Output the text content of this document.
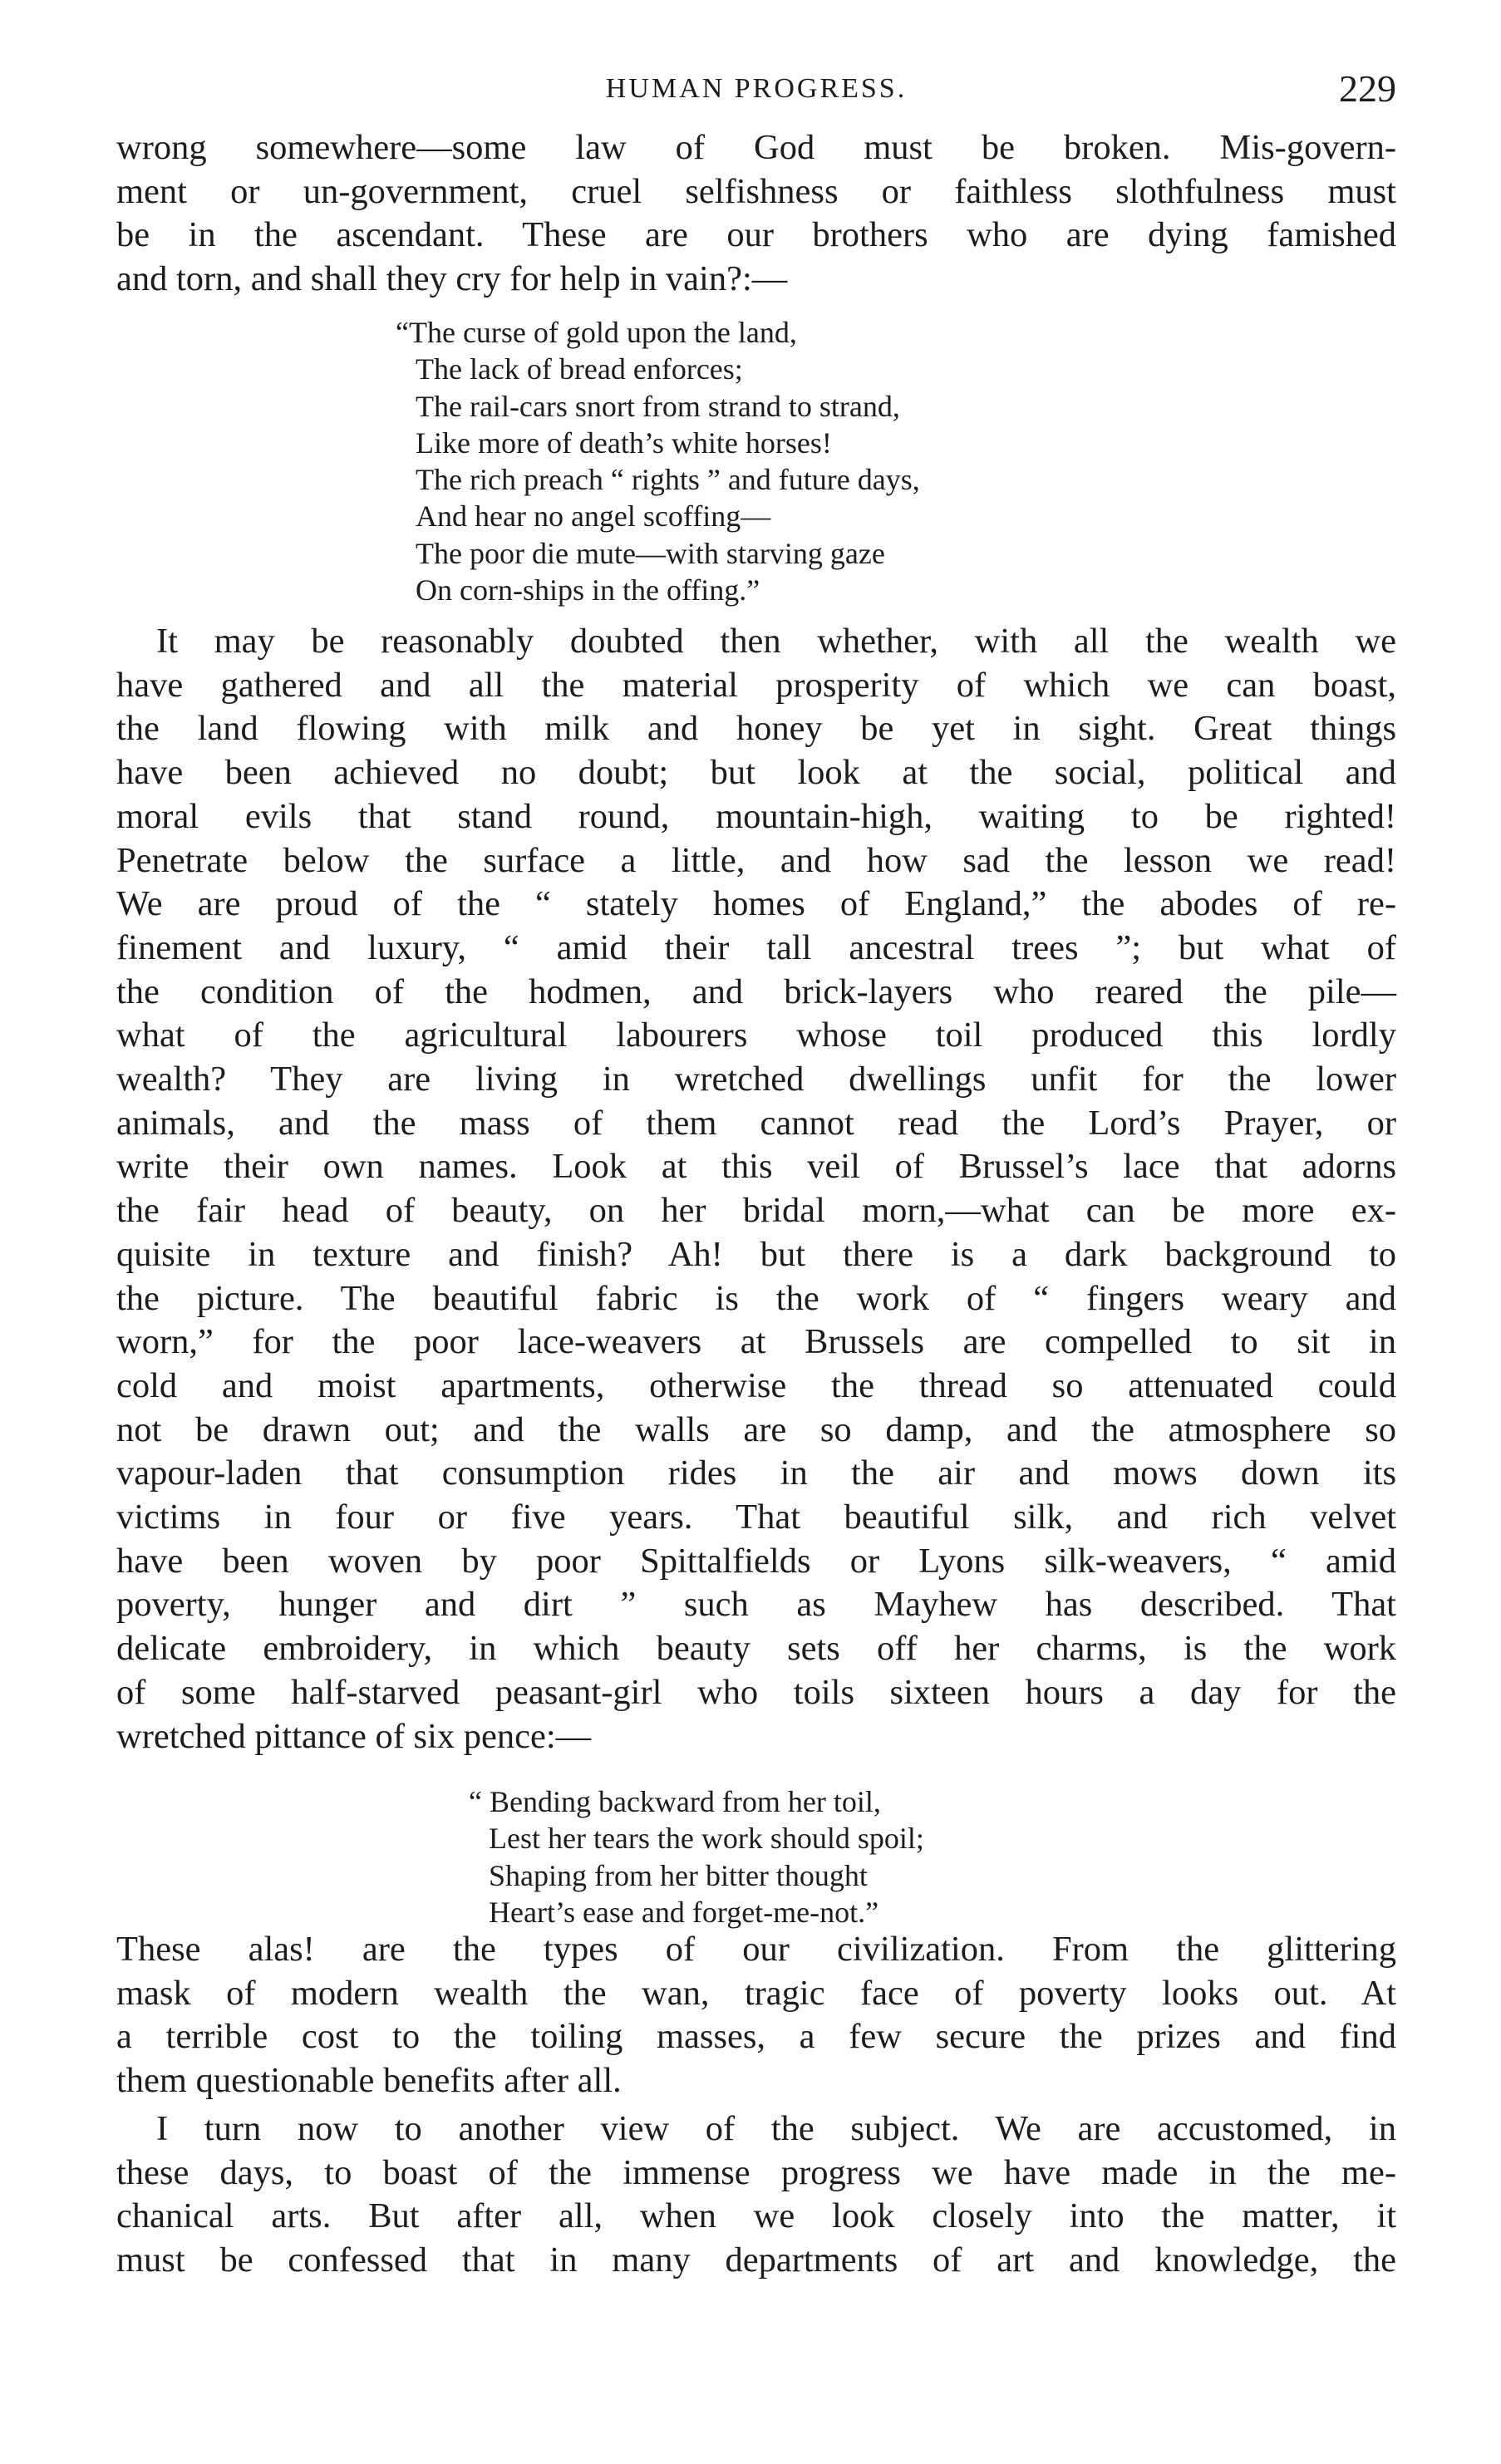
HUMAN PROGRESS.	229
wrong somewhere—some law of God must be broken. Mis-govern-
ment or un-government, cruel selfishness or faithless slothfulness must
be in the ascendant. These are our brothers who are dying famished
and torn, and shall they cry for help in vain?:—
“The curse of gold upon the land,
The lack of bread enforces;
The rail-cars snort from strand to strand,
Like more of death’s white horses!
The rich preach “ rights ” and future days,
And hear no angel scoffing—
The poor die mute—with starving gaze
On corn-ships in the offing.”
It may be reasonably doubted then whether, with all the wealth we
have gathered and all the material prosperity of which we can boast,
the land flowing with milk and honey be yet in sight. Great things
have been achieved no doubt; but look at the social, political and
moral evils that stand round, mountain-high, waiting to be righted!
Penetrate below the surface a little, and how sad the lesson we read!
We are proud of the “ stately homes of England,” the abodes of re-
finement and luxury, “ amid their tall ancestral trees ”; but what of
the condition of the hodmen, and brick-layers who reared the pile—
what of the agricultural labourers whose toil produced this lordly
wealth? They are living in wretched dwellings unfit for the lower
animals, and the mass of them cannot read the Lord’s Prayer, or
write their own names. Look at this veil of Brussel’s lace that adorns
the fair head of beauty, on her bridal morn,—what can be more ex-
quisite in texture and finish? Ah! but there is a dark background to
the picture. The beautiful fabric is the work of “ fingers weary and
worn,” for the poor lace-weavers at Brussels are compelled to sit in
cold and moist apartments, otherwise the thread so attenuated could
not be drawn out; and the walls are so damp, and the atmosphere so
vapour-laden that consumption rides in the air and mows down its
victims in four or five years. That beautiful silk, and rich velvet
have been woven by poor Spittalfields or Lyons silk-weavers, “ amid
poverty, hunger and dirt ” such as Mayhew has described. That
delicate embroidery, in which beauty sets off her charms, is the work
of some half-starved peasant-girl who toils sixteen hours a day for the
wretched pittance of six pence:—
“ Bending backward from her toil,
Lest her tears the work should spoil;
Shaping from her bitter thought
Heart’s ease and forget-me-not.”
These alas! are the types of our civilization. From the glittering
mask of modern wealth the wan, tragic face of poverty looks out. At
a terrible cost to the toiling masses, a few secure the prizes and find
them questionable benefits after all.
I turn now to another view of the subject. We are accustomed, in
these days, to boast of the immense progress we have made in the me-
chanical arts. But after all, when we look closely into the matter, it
must be confessed that in many departments of art and knowledge, the
